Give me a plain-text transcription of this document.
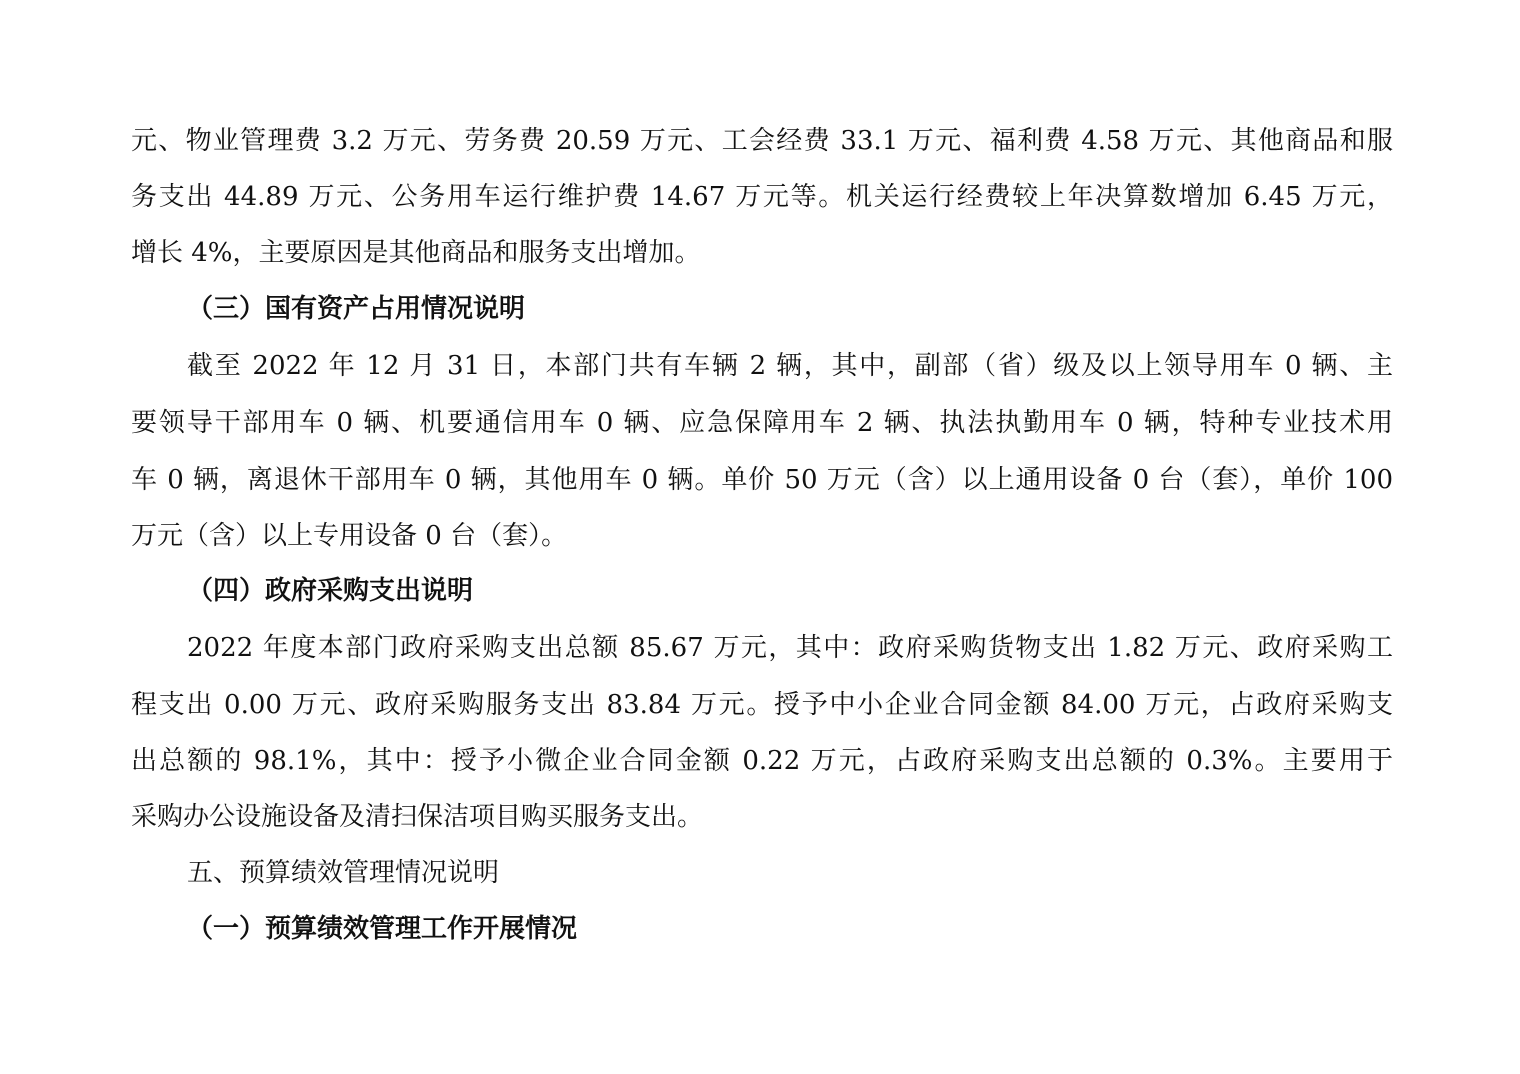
元、物业管理费 3.2 万元、劳务费 20.59 万元、工会经费 33.1 万元、福利费 4.58 万元、其他商品和服
务支出 44.89 万元、公务用车运行维护费 14.67 万元等。机关运行经费较上年决算数增加 6.45 万元，
增长 4%，主要原因是其他商品和服务支出增加。
（三）国有资产占用情况说明
截至 2022 年 12 月 31 日，本部门共有车辆 2 辆，其中，副部（省）级及以上领导用车 0 辆、主
要领导干部用车 0 辆、机要通信用车 0 辆、应急保障用车 2 辆、执法执勤用车 0 辆，特种专业技术用
车 0 辆，离退休干部用车 0 辆，其他用车 0 辆。单价 50 万元（含）以上通用设备 0 台（套），单价 100
万元（含）以上专用设备 0 台（套）。
（四）政府采购支出说明
2022 年度本部门政府采购支出总额 85.67 万元，其中：政府采购货物支出 1.82 万元、政府采购工
程支出 0.00 万元、政府采购服务支出 83.84 万元。授予中小企业合同金额 84.00 万元，占政府采购支
出总额的 98.1%，其中：授予小微企业合同金额 0.22 万元，占政府采购支出总额的 0.3%。主要用于
采购办公设施设备及清扫保洁项目购买服务支出。
五、预算绩效管理情况说明
（一）预算绩效管理工作开展情况
